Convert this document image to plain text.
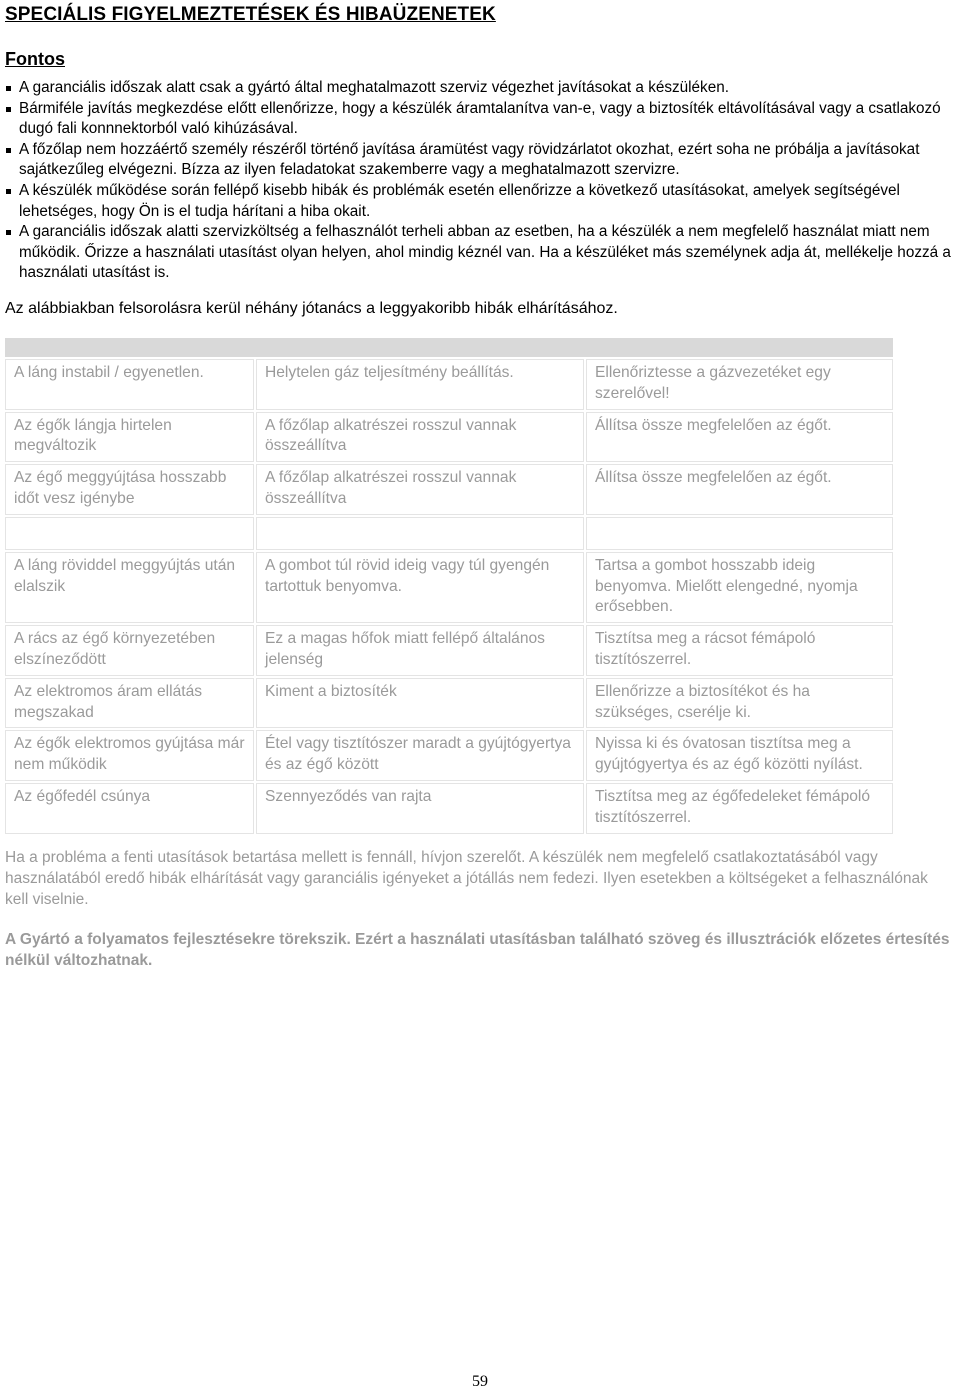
SPECIÁLIS FIGYELMEZTETÉSEK ÉS HIBAÜZENETEK
Fontos
A garanciális időszak alatt csak a gyártó által meghatalmazott szerviz végezhet javításokat a készüléken.
Bármiféle javítás megkezdése előtt ellenőrizze, hogy a készülék áramtalanítva van-e, vagy a biztosíték eltávolításával vagy a csatlakozó dugó fali konnnektorból való kihúzásával.
A főzőlap nem hozzáértő személy részéről történő javítása áramütést vagy rövidzárlatot okozhat, ezért soha ne próbálja a javításokat sajátkezűleg elvégezni. Bízza az ilyen feladatokat szakemberre vagy a meghatalmazott szervizre.
A készülék működése során fellépő kisebb hibák és problémák esetén ellenőrizze a következő utasításokat, amelyek segítségével lehetséges, hogy Ön is el tudja hárítani a hiba okait.
A garanciális időszak alatti szervizköltség a felhasználót terheli abban az esetben, ha a készülék a nem megfelelő használat miatt nem működik. Őrizze a használati utasítást olyan helyen, ahol mindig kéznél van. Ha a készüléket más személynek adja át, mellékelje hozzá a használati utasítást is.

Az alábbiakban felsorolásra kerül néhány jótanács a leggyakoribb hibák elhárításához.

A láng instabil / egyenetlen.	Helytelen gáz teljesítmény beállítás.	Ellenőriztesse a gázvezetéket egy szerelővel!
Az égők lángja hirtelen megváltozik	A főzőlap alkatrészei rosszul vannak összeállítva	Állítsa össze megfelelően az égőt.
Az égő meggyújtása hosszabb időt vesz igénybe	A főzőlap alkatrészei rosszul vannak összeállítva	Állítsa össze megfelelően az égőt.

A láng röviddel meggyújtás után elalszik	A gombot túl rövid ideig vagy túl gyengén tartottuk benyomva.	Tartsa a gombot hosszabb ideig benyomva. Mielőtt elengedné, nyomja erősebben.
A rács az égő környezetében elszíneződött	Ez a magas hőfok miatt fellépő általános jelenség	Tisztítsa meg a rácsot fémápoló tisztítószerrel.
Az elektromos áram ellátás megszakad	Kiment a biztosíték	Ellenőrizze a biztosítékot és ha szükséges, cserélje ki.
Az égők elektromos gyújtása már nem működik	Étel vagy tisztítószer maradt a gyújtógyertya és az égő között	Nyissa ki és óvatosan tisztítsa meg a gyújtógyertya és az égő közötti nyílást.
Az égőfedél csúnya	Szennyeződés van rajta	Tisztítsa meg az égőfedeleket fémápoló tisztítószerrel.

Ha a probléma a fenti utasítások betartása mellett is fennáll, hívjon szerelőt. A készülék nem megfelelő csatlakoztatásából vagy használatából eredő hibák elhárítását vagy garanciális igényeket a jótállás nem fedezi. Ilyen esetekben a költségeket a felhasználónak kell viselnie.

A Gyártó a folyamatos fejlesztésekre törekszik. Ezért a használati utasításban található szöveg és illusztrációk előzetes értesítés nélkül változhatnak.

59
